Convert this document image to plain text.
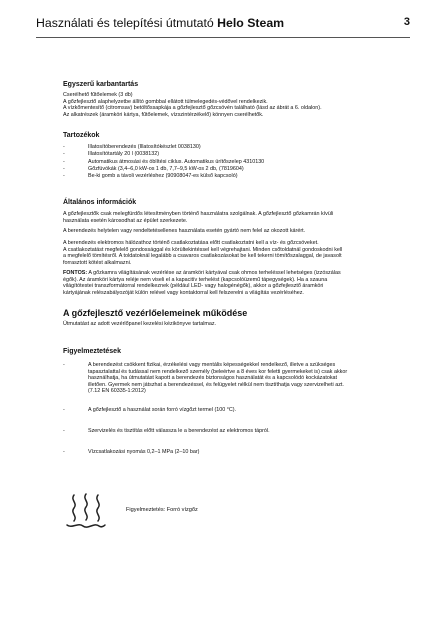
Használati és telepítési útmutató Helo Steam	3
Egyszerű karbantartás
Cserélhető fűtőelemek (3 db)
A gőzfejlesztő alaphelyzetbe állító gombbal ellátott túlmelegedés-védővel rendelkezik.
A vízkőmentesítő (citromsav) betöltőssapkája a gőzfejlesztő gőzcsövén található (lásd az ábrát a 6. oldalon).
Az alkatrészek (áramköri kártya, fűtőelemek, vízszintérzékelő) könnyen cserélhetők.
Tartozékok
-	Illatosítóberendezés (Illatosítókészlet 0038130)
-	Illatosítótartály 20 l (0038132)
-	Automatikus átmosási és öblítési ciklus. Automatikus ürítőszelep 4310130
-	Gőzfúvókák (3,4–6,0 kW-os 1 db, 7,7–9,5 kW-os 2 db, (7819604)
-	Be-ki gomb a távoli vezérléshez (90908047-es külső kapcsoló)
Általános információk
A gőzfejlesztők csak melegfürdős létesítményben történő használatra szolgálnak. A gőzfejlesztő gőzkamrán kívüli
használata esetén károsodhat az épület szerkezete.
A berendezés helytelen vagy rendeltetésellenes használata esetén gyártó nem felel az okozott kárért.
A berendezés elektromos hálózathoz történő csatlakoztatása előtt csatlakoztatni kell a víz- és gőzcsöveket.
A csatlakoztatást megfelelő gondossággal és körültekintéssel kell végrehajtani. Minden csőtoldatnál gondoskodni kell
a megfelelő tömítésről. A toldatoknál legalább a csavaros csatlakozásokat be kell tekerni tömítőszalaggal, de javasolt
forrasztott kötést alkalmazni.
FONTOS: A gőzkamra világításának vezérlése az áramköri kártyával csak ohmos terheléssel lehetséges (izzószálas
égők). Az áramköri kártya reléje nem viseli el a kapacitív terhelést (kapcsolóüzemű tápegységek). Ha a szauna
világítótestei transzformátorral rendelkeznek (például LED- vagy halogénégők), akkor a gőzfejlesztő áramköri
kártyájának relészabályozóját külön relével vagy kontaktorral kell felszerelni a világítás vezérléséhez.
A gőzfejlesztő vezérlőelemeinek működése
Útmutatást az adott vezérlőpanel kezelési kézikönyve tartalmaz.
Figyelmeztetések
-	A berendezést csökkent fizikai, érzékelési vagy mentális képességekkel rendelkező, illetve a szükséges
tapasztalattal és tudással nem rendelkező személy (beleértve a 8 éves kor feletti gyermekeket is) csak akkor
használhatja, ha útmutatást kapott a berendezés biztonságos használatát és a kapcsolódó kockázatokat
illetően. Gyermek nem játszhat a berendezéssel, és felügyelet nélkül nem tisztíthatja vagy szervizelheti azt.
(7.12 EN 60335-1:2012)
-	A gőzfejlesztő a használat során forró vízgőzt termel (100 °C).
-	Szervizelés és tisztítás előtt válassza le a berendezést az elektromos tápról.
-	Vízcsatlakozási nyomás 0,2–1 MPa (2–10 bar)
Figyelmeztetés: Forró vízgőz
